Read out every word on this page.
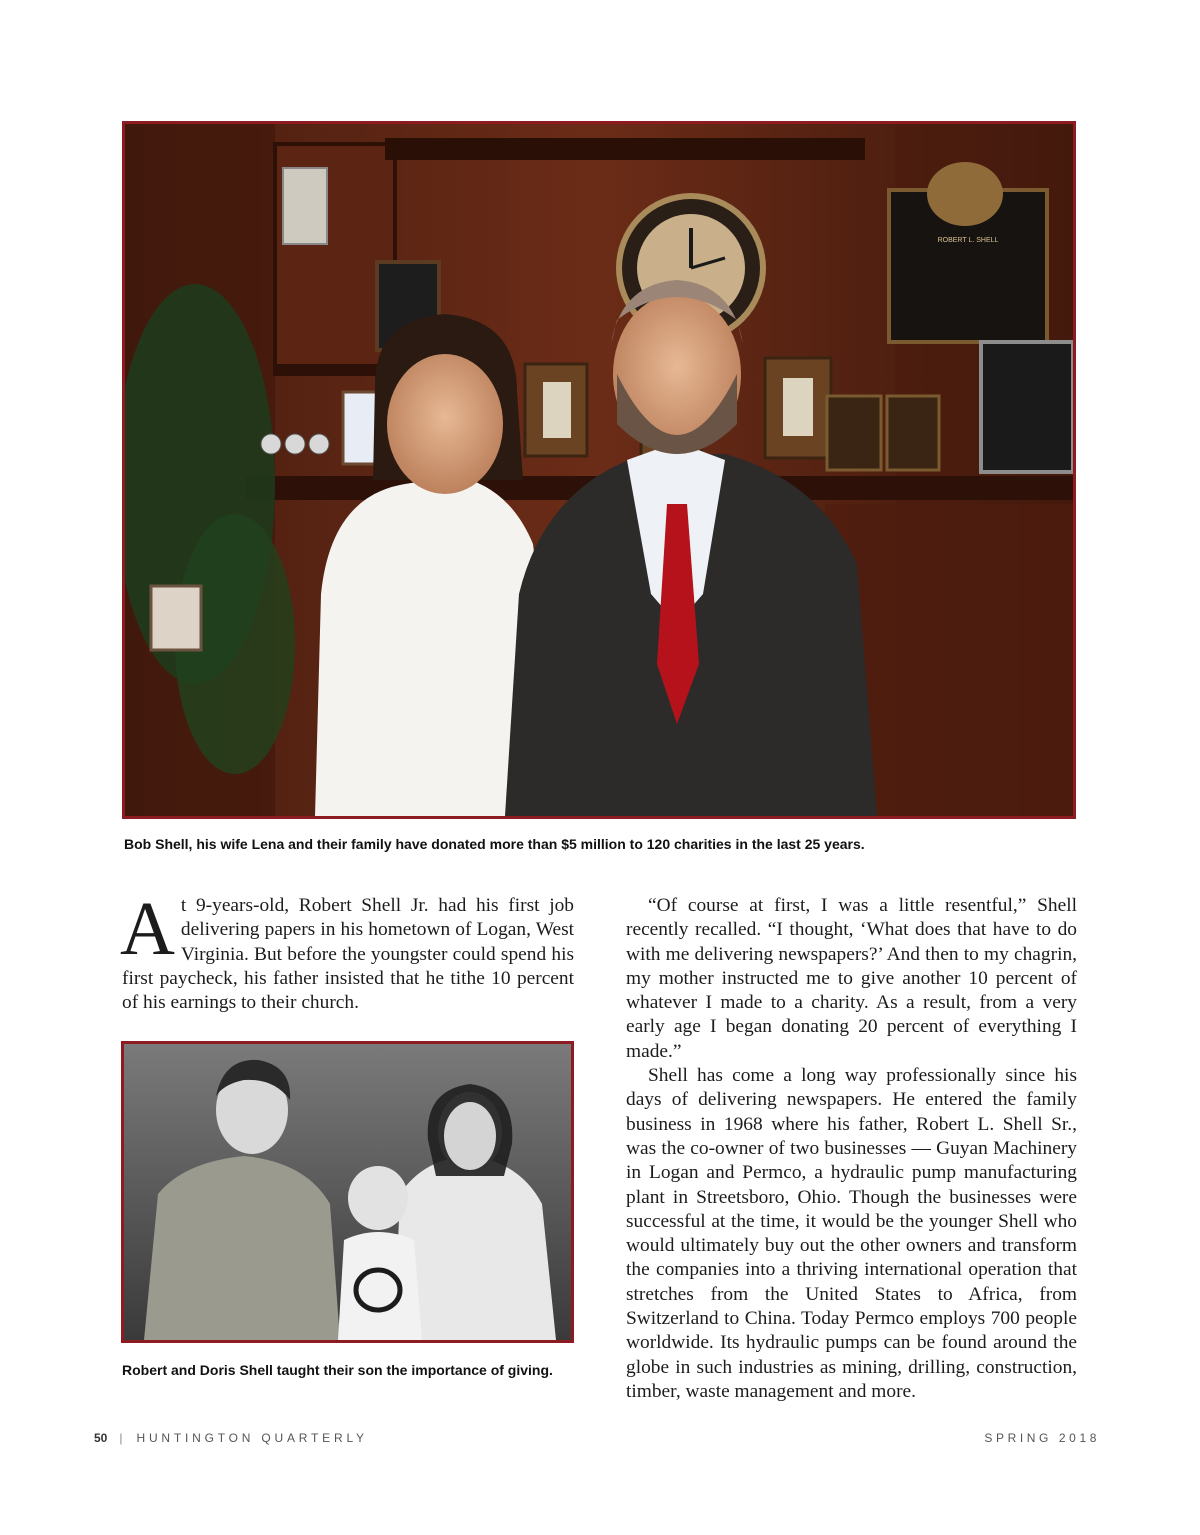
ROBERT L. SHELL

Bob Shell, his wife Lena and their family have donated more than $5 million to 120 charities in the last 25 years.

At 9-years-old, Robert Shell Jr. had his first job delivering papers in his hometown of Logan, West Virginia. But before the youngster could spend his first paycheck, his father insisted that he tithe 10 percent of his earnings to their church.

Robert and Doris Shell taught their son the importance of giving.

“Of course at first, I was a little resentful,” Shell recently recalled. “I thought, ‘What does that have to do with me delivering newspapers?’ And then to my chagrin, my mother instructed me to give another 10 percent of whatever I made to a charity. As a result, from a very early age I began donating 20 percent of everything I made.”

Shell has come a long way professionally since his days of delivering newspapers. He entered the family business in 1968 where his father, Robert L. Shell Sr., was the co-owner of two businesses — Guyan Machinery in Logan and Permco, a hydraulic pump manufacturing plant in Streetsboro, Ohio. Though the businesses were successful at the time, it would be the younger Shell who would ultimately buy out the other owners and transform the companies into a thriving international operation that stretches from the United States to Africa, from Switzerland to China. Today Permco employs 700 people worldwide. Its hydraulic pumps can be found around the globe in such industries as mining, drilling, construction, timber, waste management and more.

50 | HUNTINGTON QUARTERLY	SPRING 2018
